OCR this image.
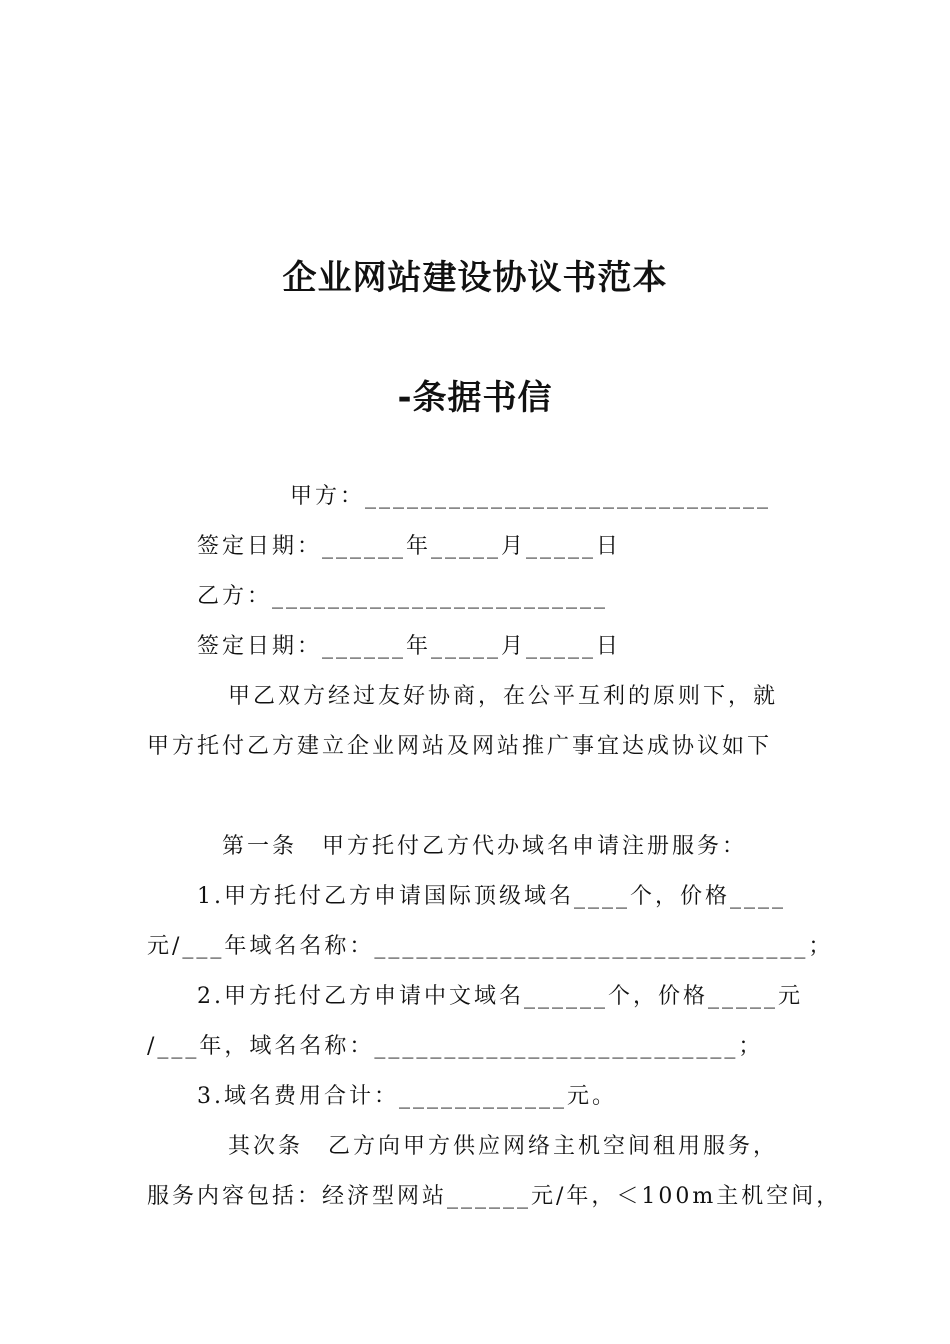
企业网站建设协议书范本
-条据书信
甲方：_____________________________
签定日期：______年_____月_____日
乙方：________________________
签定日期：______年_____月_____日
甲乙双方经过友好协商，在公平互利的原则下，就
甲方托付乙方建立企业网站及网站推广事宜达成协议如下
第一条　甲方托付乙方代办域名申请注册服务：
1.甲方托付乙方申请国际顶级域名____个，价格____
元/___年域名名称：_______________________________；
2.甲方托付乙方申请中文域名______个，价格_____元
/___年，域名名称：__________________________；
3.域名费用合计：____________元。
其次条　乙方向甲方供应网络主机空间租用服务，
服务内容包括：经济型网站______元/年，＜100m主机空间，
